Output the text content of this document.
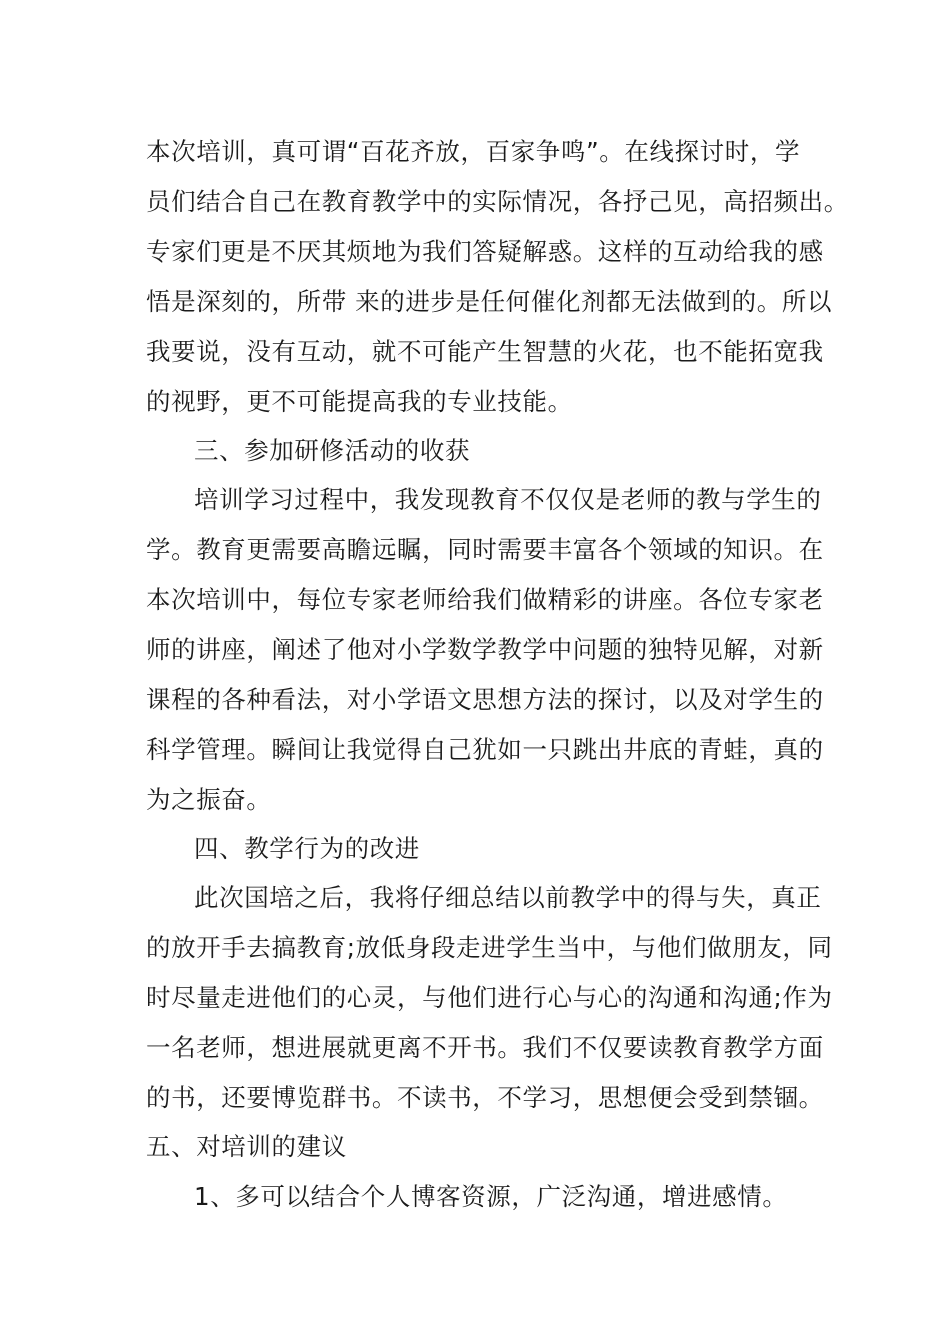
本次培训，真可谓“百花齐放，百家争鸣”。在线探讨时，学
员们结合自己在教育教学中的实际情况，各抒己见，高招频出。
专家们更是不厌其烦地为我们答疑解惑。这样的互动给我的感
悟是深刻的，所带 来的进步是任何催化剂都无法做到的。所以
我要说，没有互动，就不可能产生智慧的火花，也不能拓宽我
的视野，更不可能提高我的专业技能。
三、参加研修活动的收获
培训学习过程中，我发现教育不仅仅是老师的教与学生的
学。教育更需要高瞻远瞩，同时需要丰富各个领域的知识。在
本次培训中，每位专家老师给我们做精彩的讲座。各位专家老
师的讲座，阐述了他对小学数学教学中问题的独特见解，对新
课程的各种看法，对小学语文思想方法的探讨，以及对学生的
科学管理。瞬间让我觉得自己犹如一只跳出井底的青蛙，真的
为之振奋。
四、教学行为的改进
此次国培之后，我将仔细总结以前教学中的得与失，真正
的放开手去搞教育;放低身段走进学生当中，与他们做朋友，同
时尽量走进他们的心灵，与他们进行心与心的沟通和沟通;作为
一名老师，想进展就更离不开书。我们不仅要读教育教学方面
的书，还要博览群书。不读书，不学习，思想便会受到禁锢。
五、对培训的建议
1、多可以结合个人博客资源，广泛沟通，增进感情。
